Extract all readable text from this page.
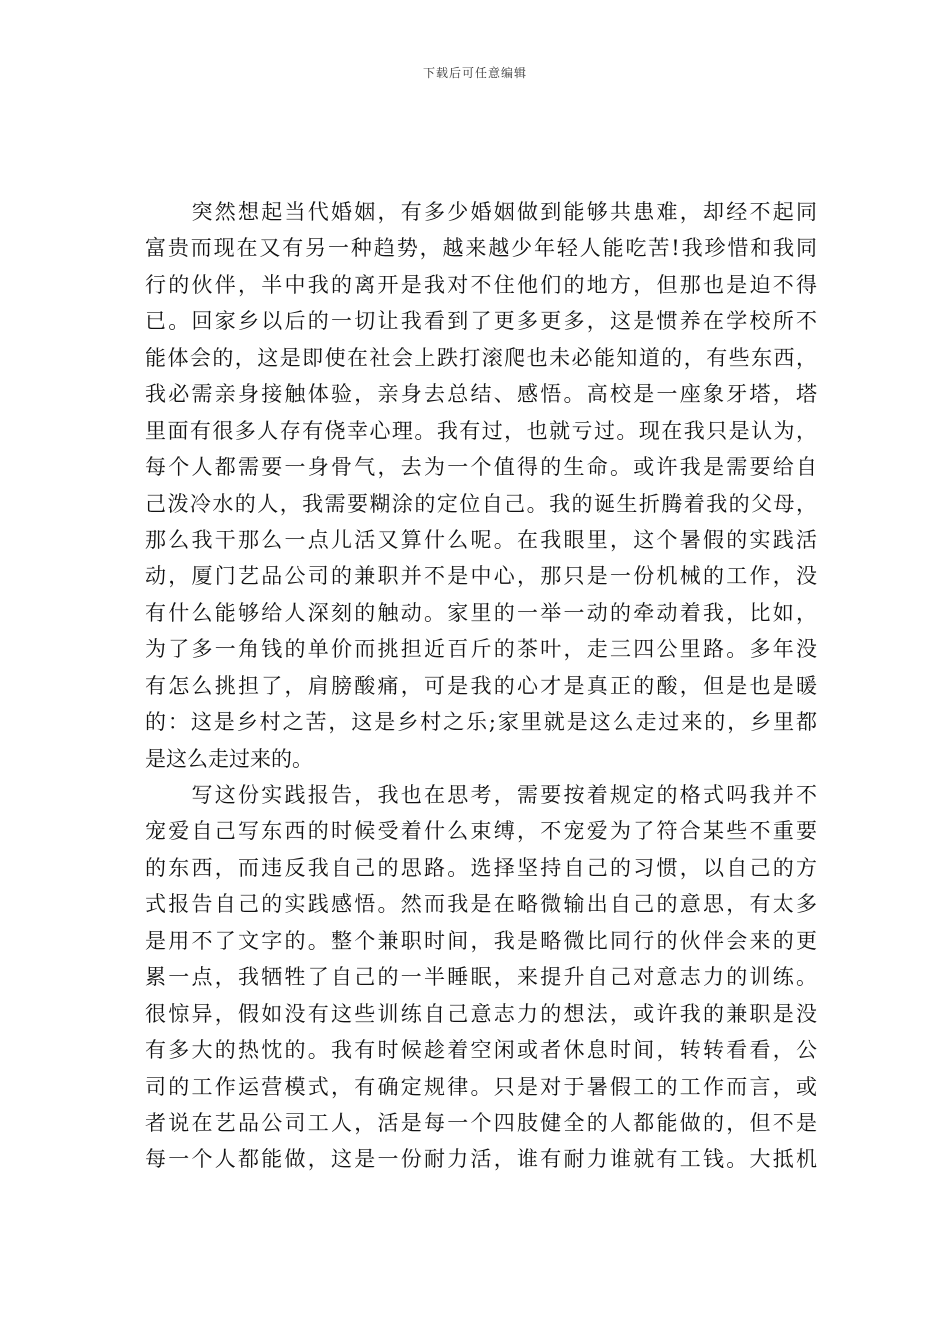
下载后可任意编辑
　　突然想起当代婚姻，有多少婚姻做到能够共患难，却经不起同
富贵而现在又有另一种趋势，越来越少年轻人能吃苦!我珍惜和我同
行的伙伴，半中我的离开是我对不住他们的地方，但那也是迫不得
已。回家乡以后的一切让我看到了更多更多，这是惯养在学校所不
能体会的，这是即使在社会上跌打滚爬也未必能知道的，有些东西，
我必需亲身接触体验，亲身去总结、感悟。高校是一座象牙塔，塔
里面有很多人存有侥幸心理。我有过，也就亏过。现在我只是认为，
每个人都需要一身骨气，去为一个值得的生命。或许我是需要给自
己泼冷水的人，我需要糊涂的定位自己。我的诞生折腾着我的父母，
那么我干那么一点儿活又算什么呢。在我眼里，这个暑假的实践活
动，厦门艺品公司的兼职并不是中心，那只是一份机械的工作，没
有什么能够给人深刻的触动。家里的一举一动的牵动着我，比如，
为了多一角钱的单价而挑担近百斤的茶叶，走三四公里路。多年没
有怎么挑担了，肩膀酸痛，可是我的心才是真正的酸，但是也是暖
的：这是乡村之苦，这是乡村之乐;家里就是这么走过来的，乡里都
是这么走过来的。
　　写这份实践报告，我也在思考，需要按着规定的格式吗我并不
宠爱自己写东西的时候受着什么束缚，不宠爱为了符合某些不重要
的东西，而违反我自己的思路。选择坚持自己的习惯，以自己的方
式报告自己的实践感悟。然而我是在略微输出自己的意思，有太多
是用不了文字的。整个兼职时间，我是略微比同行的伙伴会来的更
累一点，我牺牲了自己的一半睡眠，来提升自己对意志力的训练。
很惊异，假如没有这些训练自己意志力的想法，或许我的兼职是没
有多大的热忱的。我有时候趁着空闲或者休息时间，转转看看，公
司的工作运营模式，有确定规律。只是对于暑假工的工作而言，或
者说在艺品公司工人，活是每一个四肢健全的人都能做的，但不是
每一个人都能做，这是一份耐力活，谁有耐力谁就有工钱。大抵机
